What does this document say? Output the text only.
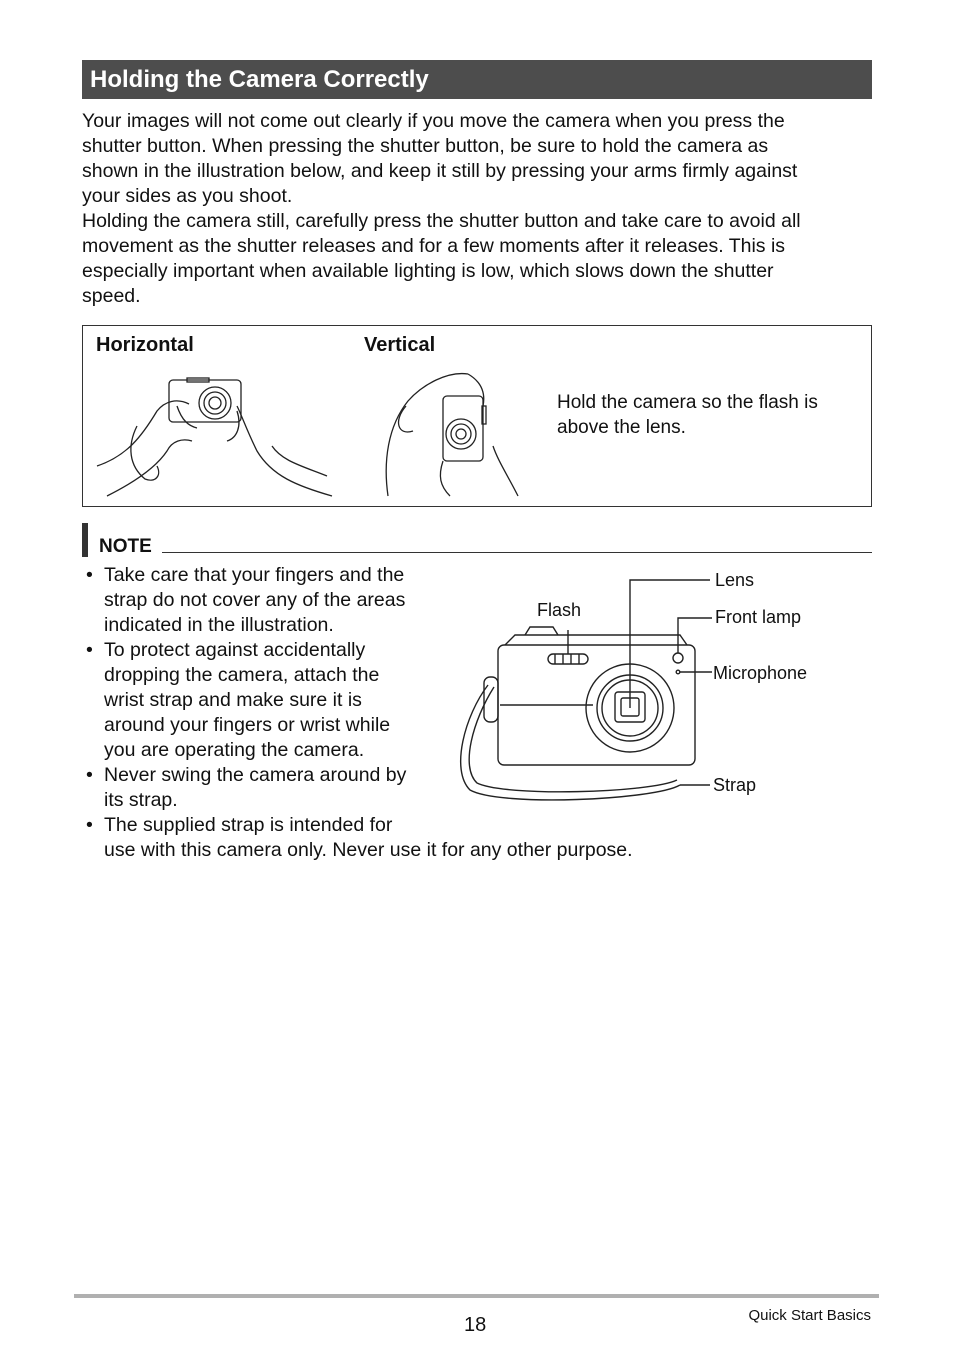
Holding the Camera Correctly

Your images will not come out clearly if you move the camera when you press the
shutter button. When pressing the shutter button, be sure to hold the camera as
shown in the illustration below, and keep it still by pressing your arms firmly against
your sides as you shoot.

Holding the camera still, carefully press the shutter button and take care to avoid all
movement as the shutter releases and for a few moments after it releases. This is
especially important when available lighting is low, which slows down the shutter
speed.

Horizontal	Vertical
Hold the camera so the flash is
above the lens.
NOTE
• Take care that your fingers and the
strap do not cover any of the areas
indicated in the illustration.
• To protect against accidentally
dropping the camera, attach the
wrist strap and make sure it is
around your fingers or wrist while
you are operating the camera.
• Never swing the camera around by
its strap.
• The supplied strap is intended for
use with this camera only. Never use it for any other purpose.
Lens
Flash	Front lamp
Microphone
Strap
18	Quick Start Basics
